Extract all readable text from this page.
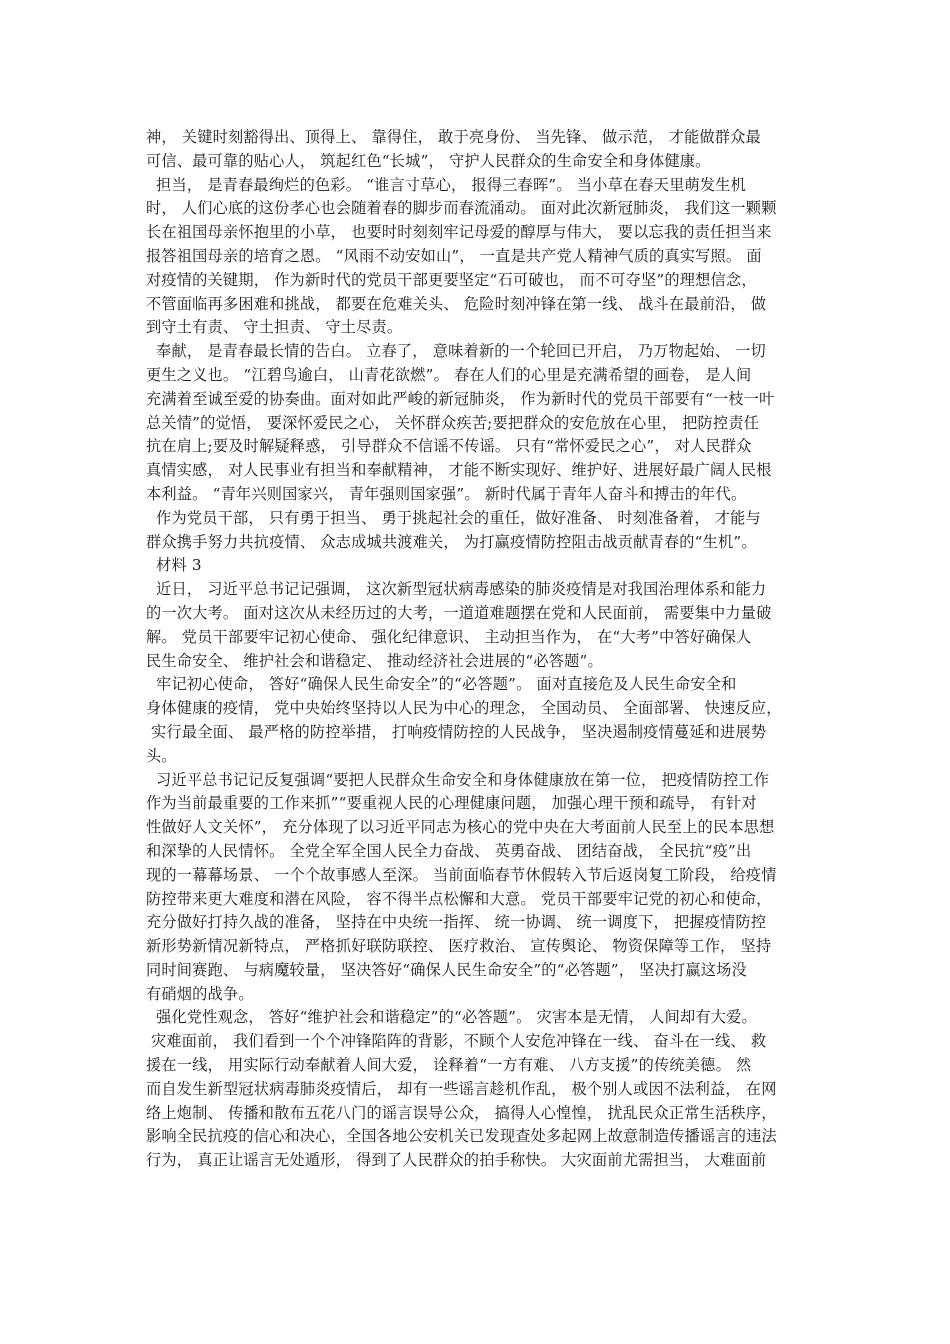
神， 关键时刻豁得出、顶得上、 靠得住， 敢于亮身份、 当先锋、 做示范， 才能做群众最
可信、最可靠的贴心人， 筑起红色“长城”， 守护人民群众的生命安全和身体健康。
担当， 是青春最绚烂的色彩。 “谁言寸草心， 报得三春晖”。 当小草在春天里萌发生机
时， 人们心底的这份孝心也会随着春的脚步而春流涌动。 面对此次新冠肺炎， 我们这一颗颗
长在祖国母亲怀抱里的小草， 也要时时刻刻牢记母爱的醇厚与伟大， 要以忘我的责任担当来
报答祖国母亲的培育之恩。 “风雨不动安如山”， 一直是共产党人精神气质的真实写照。 面
对疫情的关键期， 作为新时代的党员干部更要坚定“石可破也， 而不可夺坚”的理想信念，
不管面临再多困难和挑战， 都要在危难关头、 危险时刻冲锋在第一线、 战斗在最前沿， 做
到守土有责、 守土担责、 守土尽责。
奉献， 是青春最长情的告白。 立春了， 意味着新的一个轮回已开启， 乃万物起始、 一切
更生之义也。 “江碧鸟逾白， 山青花欲燃”。 春在人们的心里是充满希望的画卷， 是人间
充满着至诚至爱的协奏曲。面对如此严峻的新冠肺炎， 作为新时代的党员干部要有“一枝一叶
总关情”的觉悟， 要深怀爱民之心， 关怀群众疾苦;要把群众的安危放在心里， 把防控责任
抗在肩上;要及时解疑释惑， 引导群众不信谣不传谣。 只有“常怀爱民之心”， 对人民群众
真情实感， 对人民事业有担当和奉献精神， 才能不断实现好、维护好、进展好最广阔人民根
本利益。 “青年兴则国家兴， 青年强则国家强”。 新时代属于青年人奋斗和搏击的年代。
作为党员干部， 只有勇于担当、 勇于挑起社会的重任，做好准备、 时刻准备着， 才能与
群众携手努力共抗疫情、 众志成城共渡难关， 为打赢疫情防控阻击战贡献青春的“生机”。
材料 3
近日， 习近平总书记记强调， 这次新型冠状病毒感染的肺炎疫情是对我国治理体系和能力
的一次大考。 面对这次从未经历过的大考，一道道难题摆在党和人民面前， 需要集中力量破
解。 党员干部要牢记初心使命、 强化纪律意识、 主动担当作为， 在“大考”中答好确保人
民生命安全、 维护社会和谐稳定、 推动经济社会进展的“必答题”。
牢记初心使命， 答好“确保人民生命安全”的“必答题”。 面对直接危及人民生命安全和
身体健康的疫情， 党中央始终坚持以人民为中心的理念， 全国动员、 全面部署、 快速反应，
实行最全面、 最严格的防控举措， 打响疫情防控的人民战争， 坚决遏制疫情蔓延和进展势
头。
习近平总书记记反复强调“要把人民群众生命安全和身体健康放在第一位， 把疫情防控工作
作为当前最重要的工作来抓”“要重视人民的心理健康问题， 加强心理干预和疏导， 有针对
性做好人文关怀”， 充分体现了以习近平同志为核心的党中央在大考面前人民至上的民本思想
和深挚的人民情怀。 全党全军全国人民全力奋战、 英勇奋战、 团结奋战， 全民抗“疫”出
现的一幕幕场景、 一个个故事感人至深。 当前面临春节休假转入节后返岗复工阶段， 给疫情
防控带来更大难度和潜在风险， 容不得半点松懈和大意。 党员干部要牢记党的初心和使命，
充分做好打持久战的准备， 坚持在中央统一指挥、 统一协调、 统一调度下， 把握疫情防控
新形势新情况新特点， 严格抓好联防联控、 医疗救治、 宣传舆论、 物资保障等工作， 坚持
同时间赛跑、 与病魔较量， 坚决答好“确保人民生命安全”的“必答题”， 坚决打赢这场没
有硝烟的战争。
强化党性观念， 答好“维护社会和谐稳定”的“必答题”。 灾害本是无情， 人间却有大爱。
灾难面前， 我们看到一个个冲锋陷阵的背影，不顾个人安危冲锋在一线、 奋斗在一线、 救
援在一线， 用实际行动奉献着人间大爱， 诠释着“一方有难、 八方支援”的传统美德。 然
而自发生新型冠状病毒肺炎疫情后， 却有一些谣言趁机作乱， 极个别人或因不法利益， 在网
络上炮制、 传播和散布五花八门的谣言误导公众， 搞得人心惶惶， 扰乱民众正常生活秩序，
影响全民抗疫的信心和决心，全国各地公安机关已发现查处多起网上故意制造传播谣言的违法
行为， 真正让谣言无处遁形， 得到了人民群众的拍手称快。 大灾面前尤需担当， 大难面前
